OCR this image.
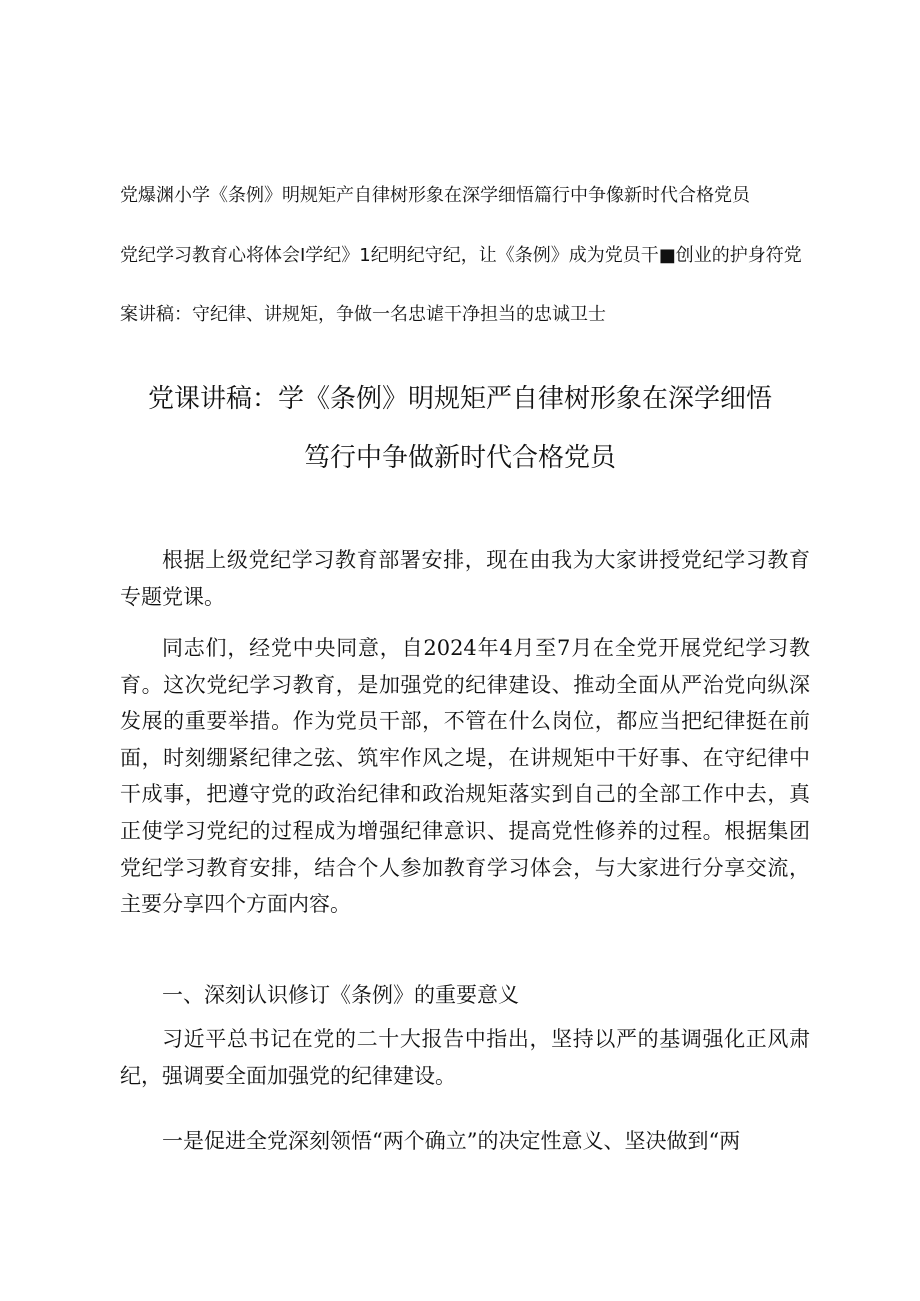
党爆渊小学《条例》明规矩产自律树形象在深学细悟篇行中争像新时代合格党员
党纪学习教育心将体会I学纪》1纪明纪守纪，让《条例》成为党员干■创业的护身符党
案讲稿：守纪律、讲规矩，争做一名忠谑干净担当的忠诚卫士
党课讲稿：学《条例》明规矩严自律树形象在深学细悟
笃行中争做新时代合格党员

根据上级党纪学习教育部署安排，现在由我为大家讲授党纪学习教育专题党课。

同志们，经党中央同意，自2024年4月至7月在全党开展党纪学习教育。这次党纪学习教育，是加强党的纪律建设、推动全面从严治党向纵深发展的重要举措。作为党员干部，不管在什么岗位，都应当把纪律挺在前面，时刻绷紧纪律之弦、筑牢作风之堤，在讲规矩中干好事、在守纪律中干成事，把遵守党的政治纪律和政治规矩落实到自己的全部工作中去，真正使学习党纪的过程成为增强纪律意识、提高党性修养的过程。根据集团党纪学习教育安排，结合个人参加教育学习体会，与大家进行分享交流，主要分享四个方面内容。

一、深刻认识修订《条例》的重要意义

习近平总书记在党的二十大报告中指出，坚持以严的基调强化正风肃纪，强调要全面加强党的纪律建设。

一是促进全党深刻领悟“两个确立”的决定性意义、坚决做到“两
